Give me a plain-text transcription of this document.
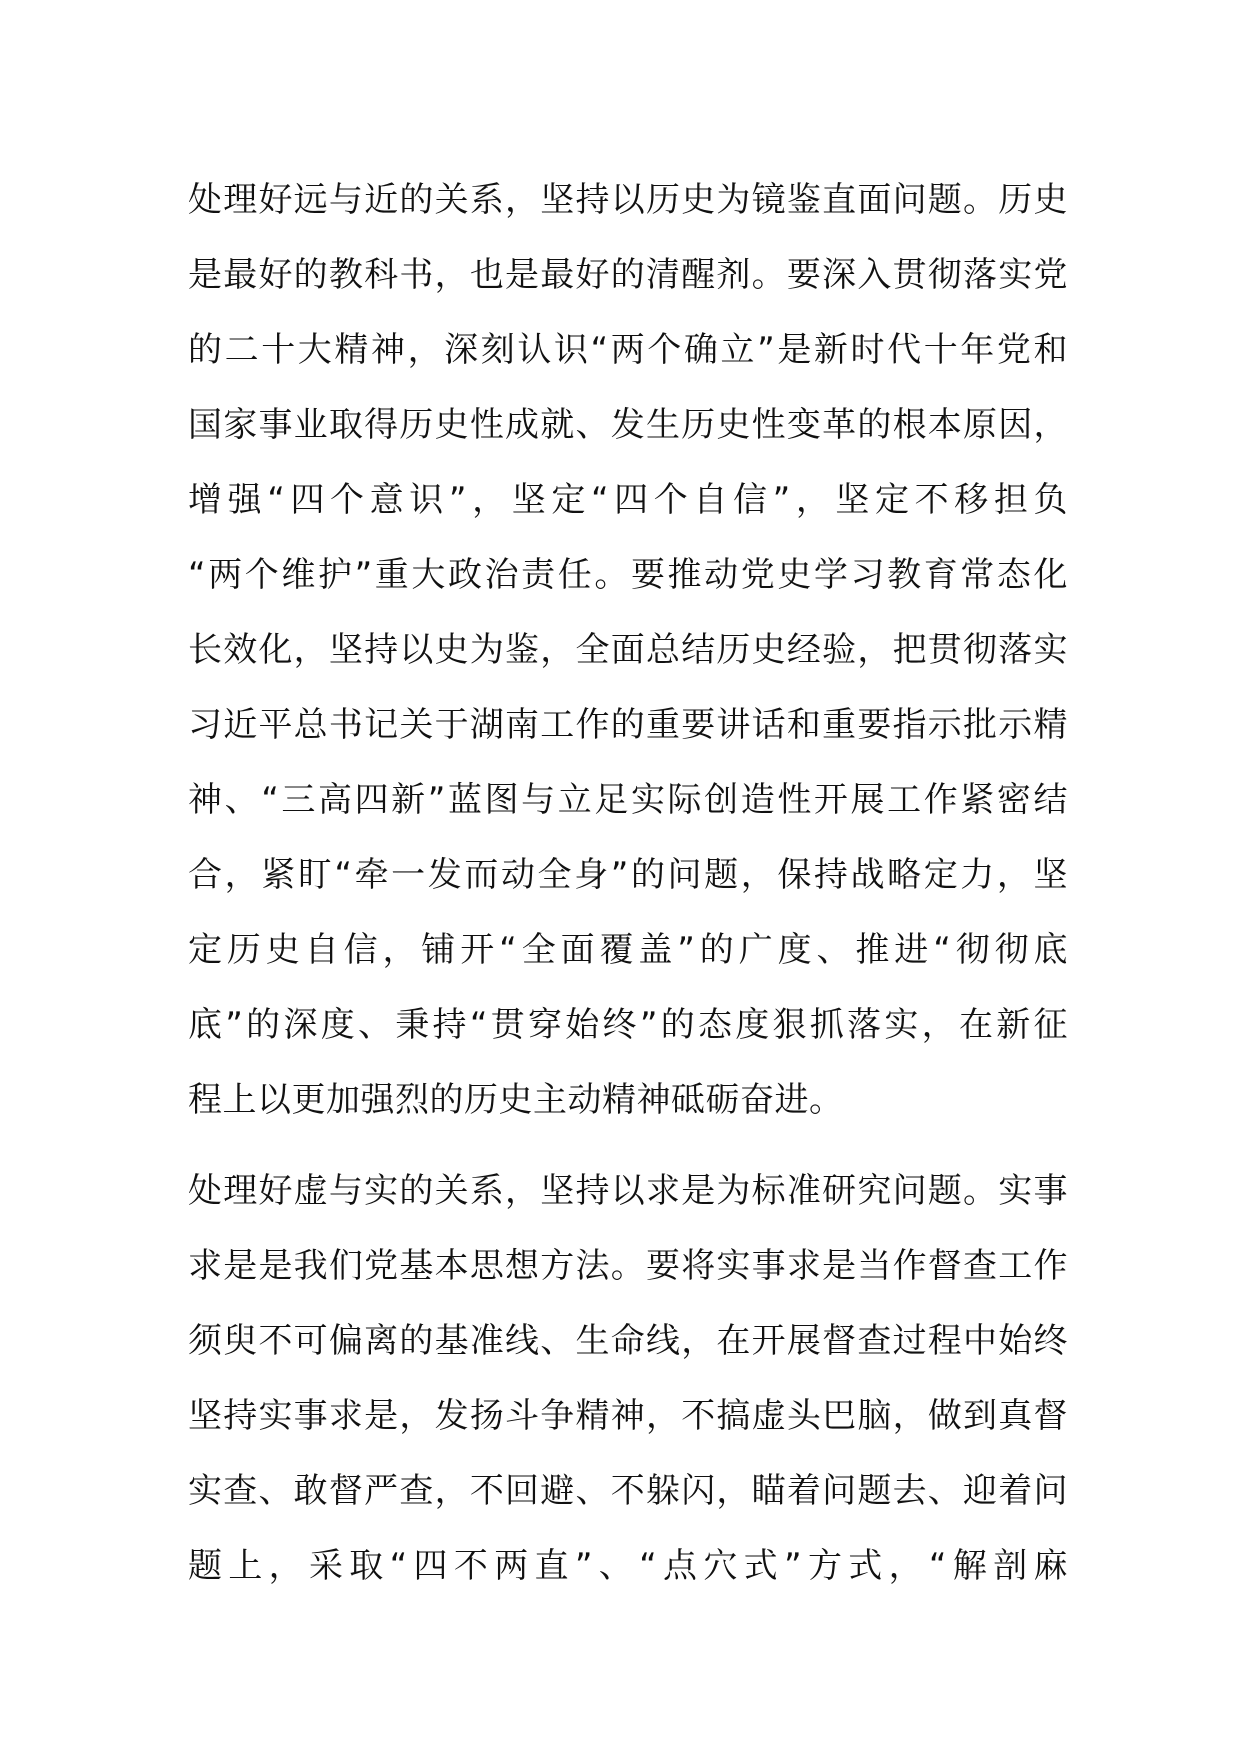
处理好远与近的关系，坚持以历史为镜鉴直面问题。历史
是最好的教科书，也是最好的清醒剂。要深入贯彻落实党
的二十大精神，深刻认识“两个确立”是新时代十年党和
国家事业取得历史性成就、发生历史性变革的根本原因，
增强“四个意识”，坚定“四个自信”，坚定不移担负
“两个维护”重大政治责任。要推动党史学习教育常态化
长效化，坚持以史为鉴，全面总结历史经验，把贯彻落实
习近平总书记关于湖南工作的重要讲话和重要指示批示精
神、“三高四新”蓝图与立足实际创造性开展工作紧密结
合，紧盯“牵一发而动全身”的问题，保持战略定力，坚
定历史自信，铺开“全面覆盖”的广度、推进“彻彻底
底”的深度、秉持“贯穿始终”的态度狠抓落实，在新征
程上以更加强烈的历史主动精神砥砺奋进。
处理好虚与实的关系，坚持以求是为标准研究问题。实事
求是是我们党基本思想方法。要将实事求是当作督查工作
须臾不可偏离的基准线、生命线，在开展督查过程中始终
坚持实事求是，发扬斗争精神，不搞虚头巴脑，做到真督
实查、敢督严查，不回避、不躲闪，瞄着问题去、迎着问
题上，采取“四不两直”、“点穴式”方式，“解剖麻
